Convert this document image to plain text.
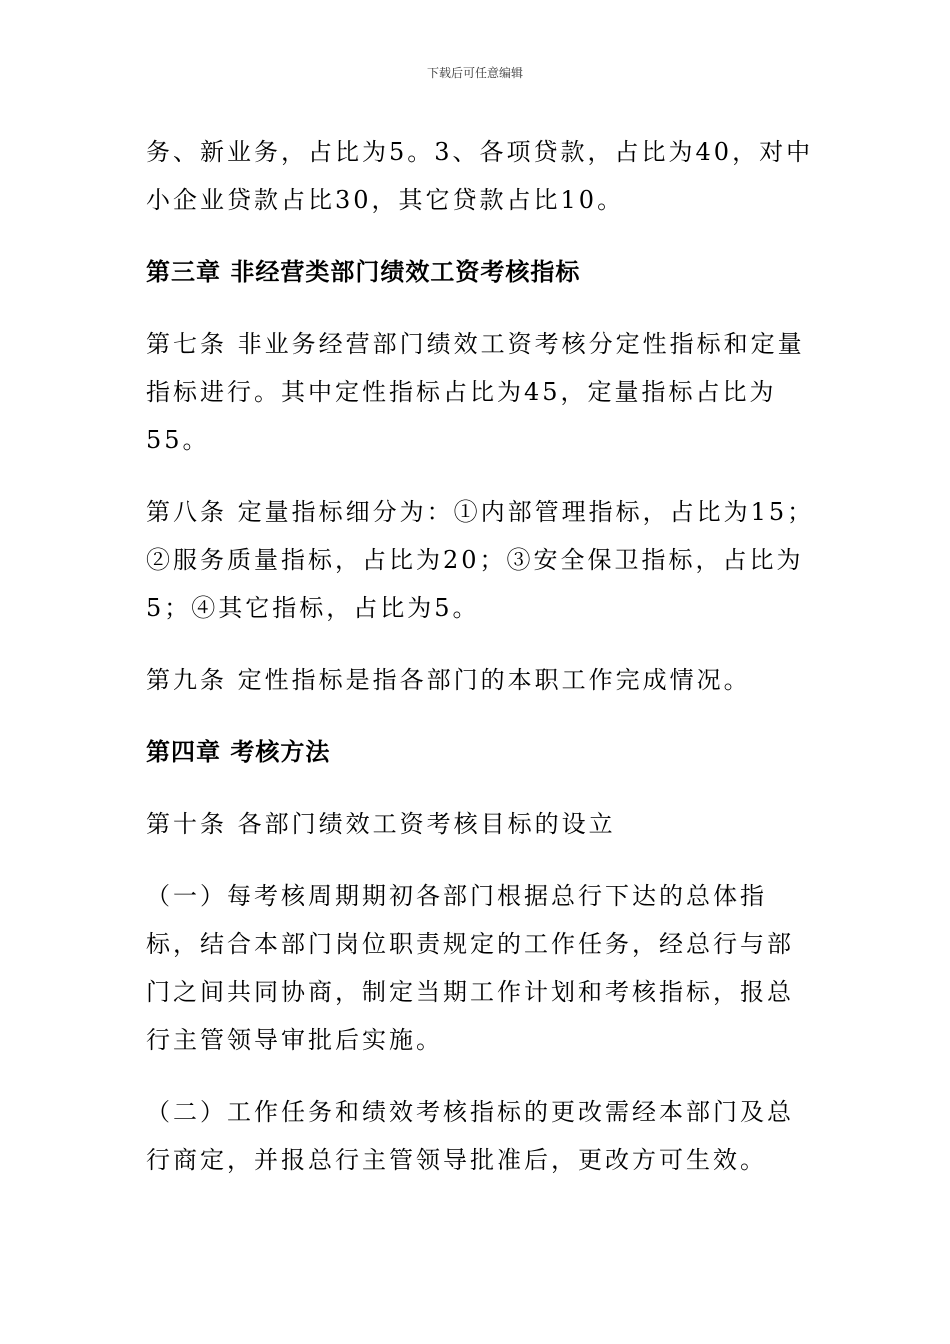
下载后可任意编辑

务、新业务，占比为5。3、各项贷款，占比为40，对中小企业贷款占比30，其它贷款占比10。

第三章 非经营类部门绩效工资考核指标

第七条 非业务经营部门绩效工资考核分定性指标和定量指标进行。其中定性指标占比为45，定量指标占比为55。

第八条 定量指标细分为：①内部管理指标，占比为15；②服务质量指标，占比为20；③安全保卫指标，占比为5；④其它指标，占比为5。

第九条 定性指标是指各部门的本职工作完成情况。

第四章 考核方法

第十条 各部门绩效工资考核目标的设立

（一）每考核周期期初各部门根据总行下达的总体指标，结合本部门岗位职责规定的工作任务，经总行与部门之间共同协商，制定当期工作计划和考核指标，报总行主管领导审批后实施。

（二）工作任务和绩效考核指标的更改需经本部门及总行商定，并报总行主管领导批准后，更改方可生效。
